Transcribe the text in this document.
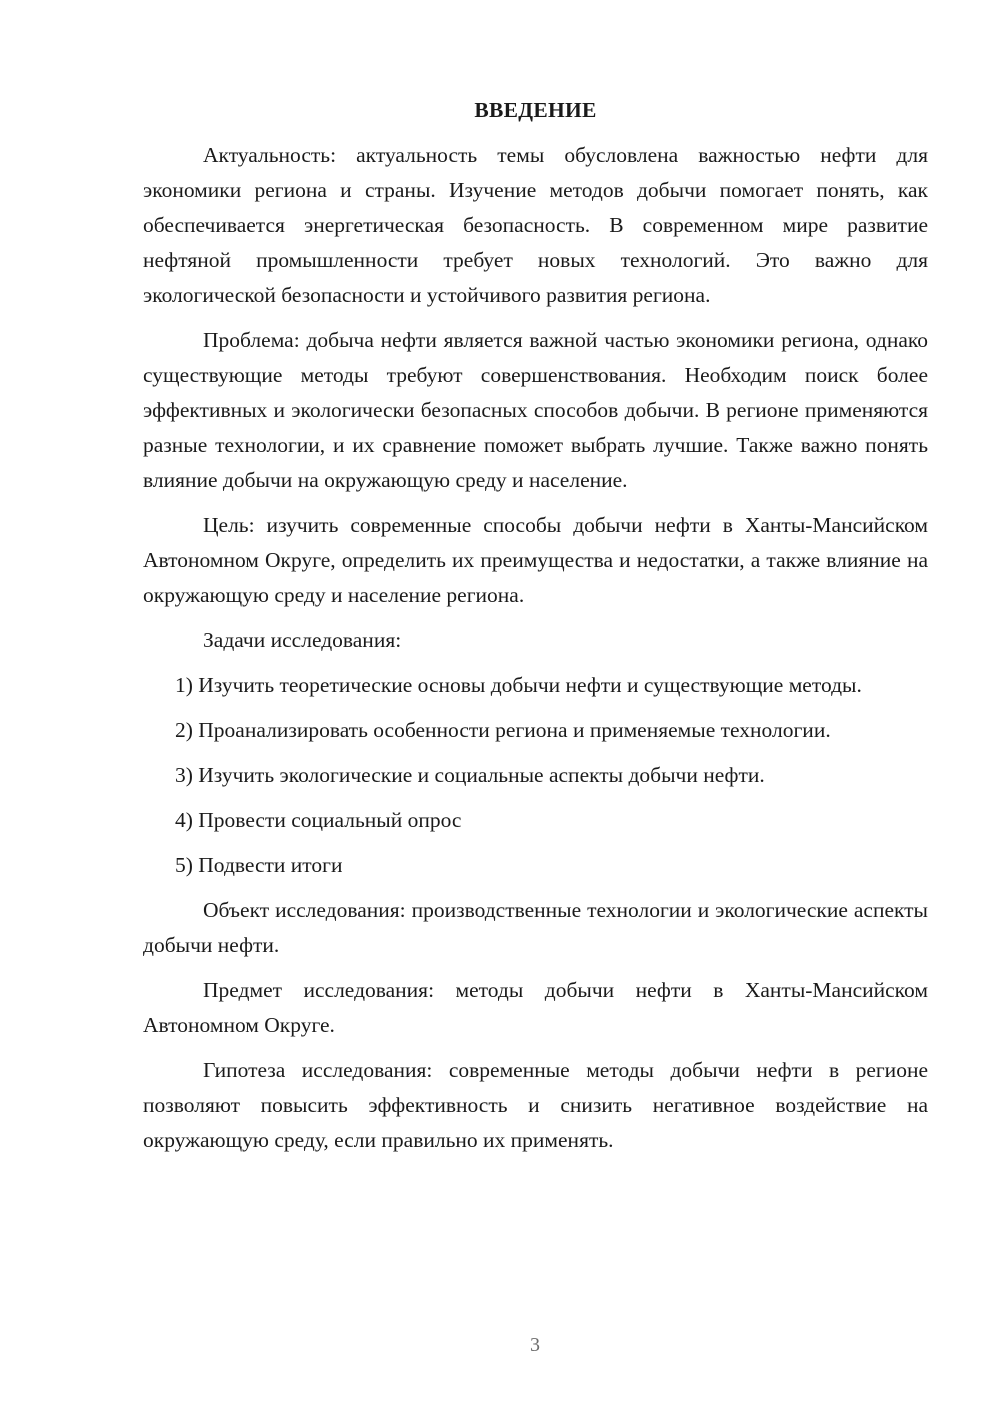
ВВЕДЕНИЕ

Актуальность: актуальность темы обусловлена важностью нефти для экономики региона и страны. Изучение методов добычи помогает понять, как обеспечивается энергетическая безопасность. В современном мире развитие нефтяной промышленности требует новых технологий. Это важно для экологической безопасности и устойчивого развития региона.

Проблема: добыча нефти является важной частью экономики региона, однако существующие методы требуют совершенствования. Необходим поиск более эффективных и экологически безопасных способов добычи. В регионе применяются разные технологии, и их сравнение поможет выбрать лучшие. Также важно понять влияние добычи на окружающую среду и население.

Цель: изучить современные способы добычи нефти в Ханты-Мансийском Автономном Округе, определить их преимущества и недостатки, а также влияние на окружающую среду и население региона.

Задачи исследования:

1) Изучить теоретические основы добычи нефти и существующие методы.

2) Проанализировать особенности региона и применяемые технологии.

3) Изучить экологические и социальные аспекты добычи нефти.

4) Провести социальный опрос

5) Подвести итоги

Объект исследования: производственные технологии и экологические аспекты добычи нефти.

Предмет исследования: методы добычи нефти в Ханты-Мансийском Автономном Округе.

Гипотеза исследования: современные методы добычи нефти в регионе позволяют повысить эффективность и снизить негативное воздействие на окружающую среду, если правильно их применять.

3
